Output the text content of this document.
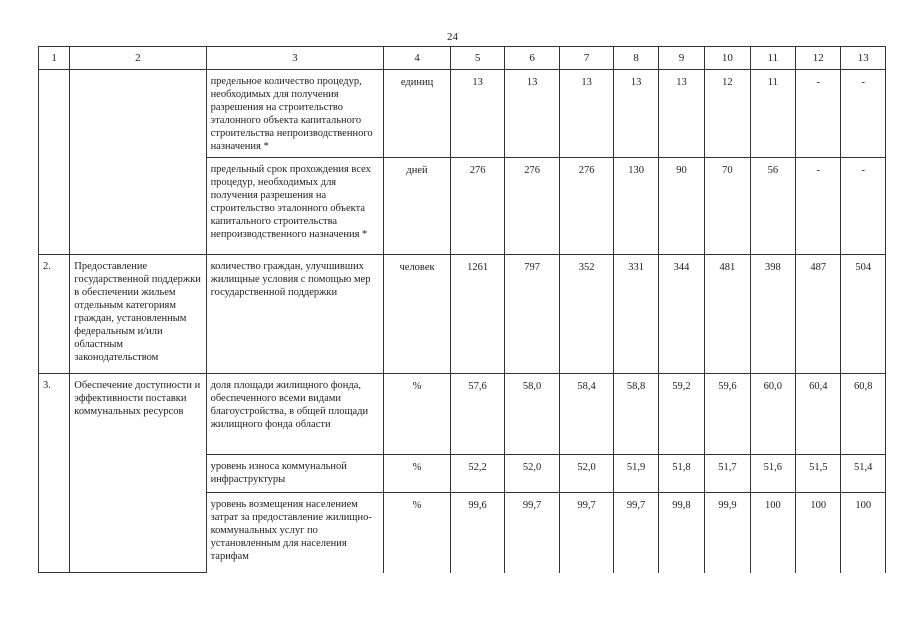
24
1	2	3	4	5	6	7	8	9	10	11	12	13
		предельное количество процедур, необходимых для получения разрешения на строительство эталонного объекта капитального строительства непроизводственного назначения *	единиц	13	13	13	13	13	12	11	-	-
		предельный срок прохождения всех процедур, необходимых для получения разрешения на строительство эталонного объекта капитального строительства непроизводственного назначения *	дней	276	276	276	130	90	70	56	-	-
2.	Предоставление государственной поддержки в обеспечении жильем отдельным категориям граждан, установленным федеральным и/или областным законодательством	количество граждан, улучшивших жилищные условия с помощью мер государственной поддержки	человек	1261	797	352	331	344	481	398	487	504
3.	Обеспечение доступности и эффективности поставки коммунальных ресурсов	доля площади жилищного фонда, обеспеченного всеми видами благоустройства, в общей площади жилищного фонда области	%	57,6	58,0	58,4	58,8	59,2	59,6	60,0	60,4	60,8
		уровень износа коммунальной инфраструктуры	%	52,2	52,0	52,0	51,9	51,8	51,7	51,6	51,5	51,4
		уровень возмещения населением затрат за предоставление жилищно-коммунальных услуг по установленным для населения тарифам	%	99,6	99,7	99,7	99,7	99,8	99,9	100	100	100
